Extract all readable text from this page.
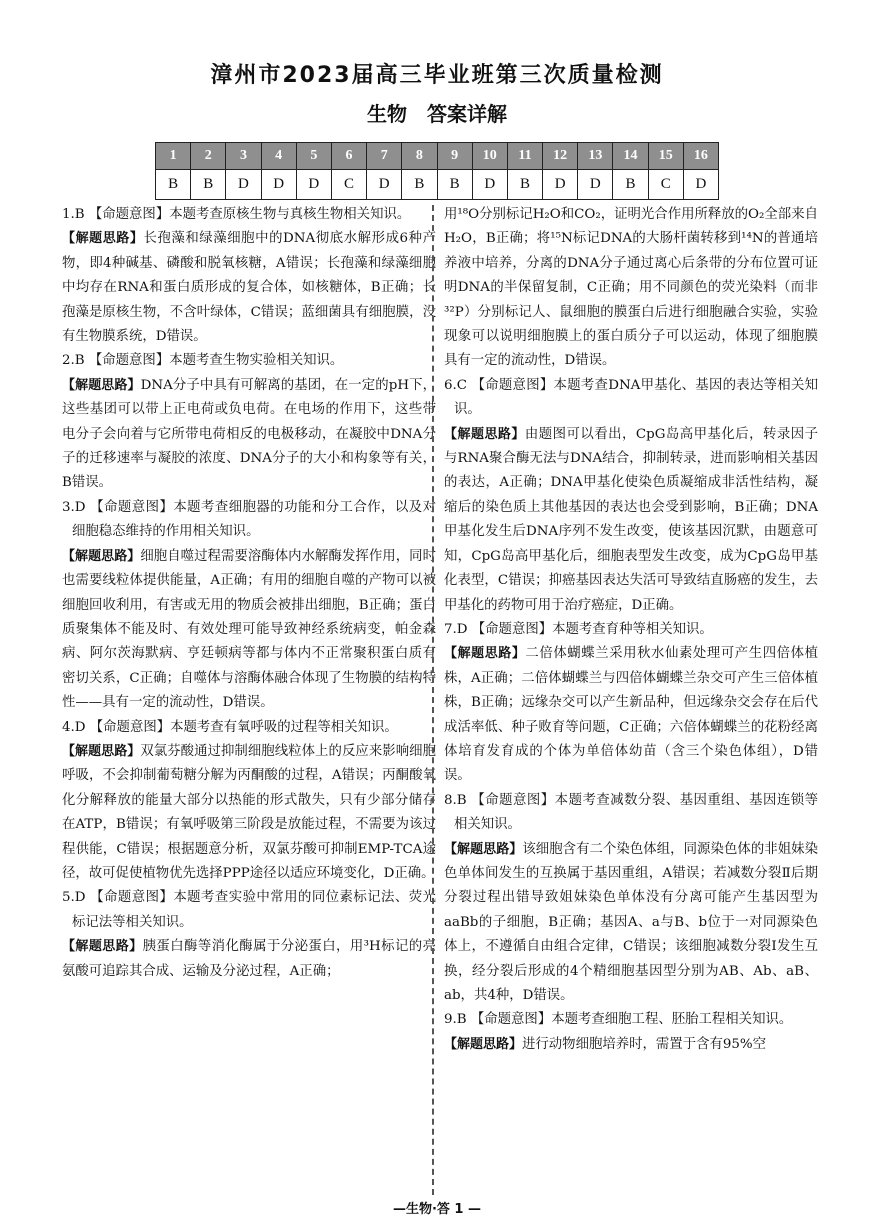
漳州市2023届高三毕业班第三次质量检测
生物　答案详解
1	2	3	4	5	6	7	8	9	10	11	12	13	14	15	16
B	B	D	D	D	C	D	B	B	D	B	D	D	B	C	D

1.B 【命题意图】本题考查原核生物与真核生物相关知识。

【解题思路】长孢藻和绿藻细胞中的DNA彻底水解形成6种产物，即4种碱基、磷酸和脱氧核糖，A错误；长孢藻和绿藻细胞中均存在RNA和蛋白质形成的复合体，如核糖体，B正确；长孢藻是原核生物，不含叶绿体，C错误；蓝细菌具有细胞膜，没有生物膜系统，D错误。

2.B 【命题意图】本题考查生物实验相关知识。

【解题思路】DNA分子中具有可解离的基团，在一定的pH下，这些基团可以带上正电荷或负电荷。在电场的作用下，这些带电分子会向着与它所带电荷相反的电极移动，在凝胶中DNA分子的迁移速率与凝胶的浓度、DNA分子的大小和构象等有关，B错误。

3.D 【命题意图】本题考查细胞器的功能和分工合作，以及对细胞稳态维持的作用相关知识。

【解题思路】细胞自噬过程需要溶酶体内水解酶发挥作用，同时也需要线粒体提供能量，A正确；有用的细胞自噬的产物可以被细胞回收利用，有害或无用的物质会被排出细胞，B正确；蛋白质聚集体不能及时、有效处理可能导致神经系统病变，帕金森病、阿尔茨海默病、亨廷顿病等都与体内不正常聚积蛋白质有密切关系，C正确；自噬体与溶酶体融合体现了生物膜的结构特性——具有一定的流动性，D错误。

4.D 【命题意图】本题考查有氧呼吸的过程等相关知识。

【解题思路】双氯芬酸通过抑制细胞线粒体上的反应来影响细胞呼吸，不会抑制葡萄糖分解为丙酮酸的过程，A错误；丙酮酸氧化分解释放的能量大部分以热能的形式散失，只有少部分储存在ATP，B错误；有氧呼吸第三阶段是放能过程，不需要为该过程供能，C错误；根据题意分析，双氯芬酸可抑制EMP-TCA途径，故可促使植物优先选择PPP途径以适应环境变化，D正确。

5.D 【命题意图】本题考查实验中常用的同位素标记法、荧光标记法等相关知识。

【解题思路】胰蛋白酶等消化酶属于分泌蛋白，用³H标记的亮氨酸可追踪其合成、运输及分泌过程，A正确；

用¹⁸O分别标记H₂O和CO₂，证明光合作用所释放的O₂全部来自H₂O，B正确；将¹⁵N标记DNA的大肠杆菌转移到¹⁴N的普通培养液中培养，分离的DNA分子通过离心后条带的分布位置可证明DNA的半保留复制，C正确；用不同颜色的荧光染料（而非³²P）分别标记人、鼠细胞的膜蛋白后进行细胞融合实验，实验现象可以说明细胞膜上的蛋白质分子可以运动，体现了细胞膜具有一定的流动性，D错误。

6.C 【命题意图】本题考查DNA甲基化、基因的表达等相关知识。

【解题思路】由题图可以看出，CpG岛高甲基化后，转录因子与RNA聚合酶无法与DNA结合，抑制转录，进而影响相关基因的表达，A正确；DNA甲基化使染色质凝缩成非活性结构，凝缩后的染色质上其他基因的表达也会受到影响，B正确；DNA甲基化发生后DNA序列不发生改变，使该基因沉默，由题意可知，CpG岛高甲基化后，细胞表型发生改变，成为CpG岛甲基化表型，C错误；抑癌基因表达失活可导致结直肠癌的发生，去甲基化的药物可用于治疗癌症，D正确。

7.D 【命题意图】本题考查育种等相关知识。

【解题思路】二倍体蝴蝶兰采用秋水仙素处理可产生四倍体植株，A正确；二倍体蝴蝶兰与四倍体蝴蝶兰杂交可产生三倍体植株，B正确；远缘杂交可以产生新品种，但远缘杂交会存在后代成活率低、种子败育等问题，C正确；六倍体蝴蝶兰的花粉经离体培育发育成的个体为单倍体幼苗（含三个染色体组），D错误。

8.B 【命题意图】本题考查减数分裂、基因重组、基因连锁等相关知识。

【解题思路】该细胞含有二个染色体组，同源染色体的非姐妹染色单体间发生的互换属于基因重组，A错误；若减数分裂Ⅱ后期分裂过程出错导致姐妹染色单体没有分离可能产生基因型为aaBb的子细胞，B正确；基因A、a与B、b位于一对同源染色体上，不遵循自由组合定律，C错误；该细胞减数分裂Ⅰ发生互换，经分裂后形成的4个精细胞基因型分别为AB、Ab、aB、ab，共4种，D错误。

9.B 【命题意图】本题考查细胞工程、胚胎工程相关知识。

【解题思路】进行动物细胞培养时，需置于含有95%空

—生物·答 1 —
